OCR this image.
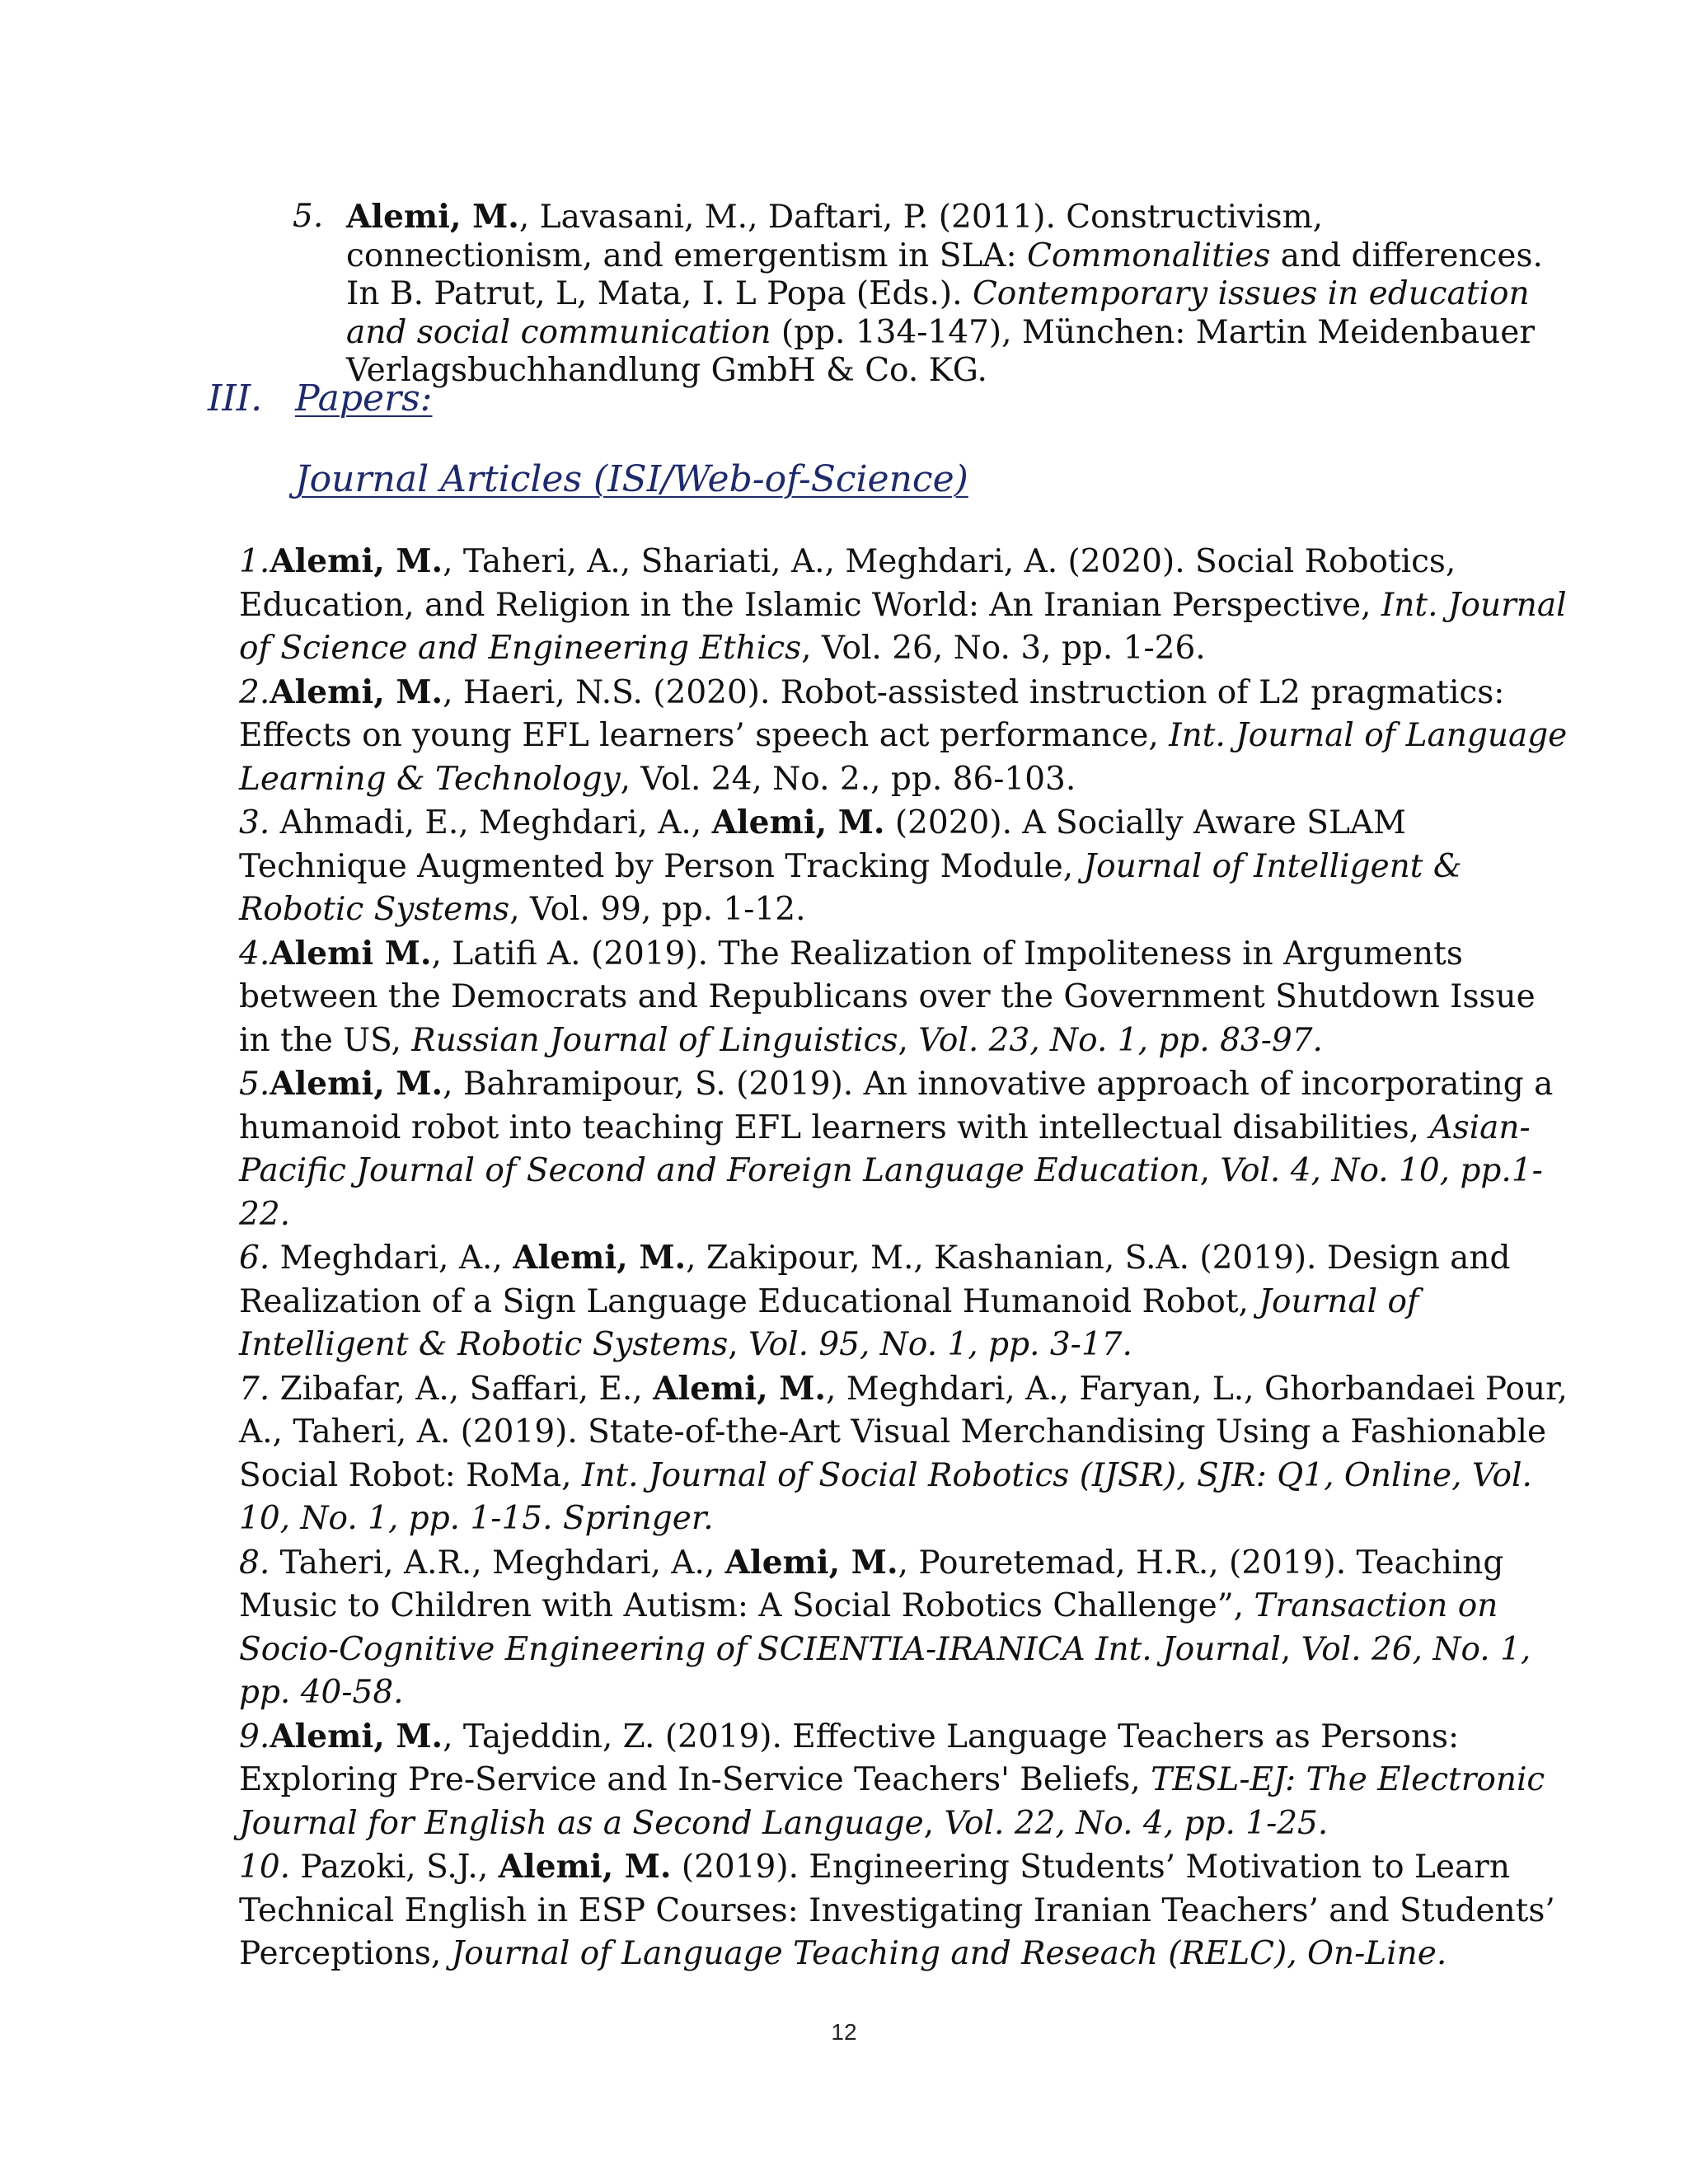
5. Alemi, M., Lavasani, M., Daftari, P. (2011). Constructivism, connectionism, and emergentism in SLA: Commonalities and differences. In B. Patrut, L, Mata, I. L Popa (Eds.). Contemporary issues in education and social communication (pp. 134-147), München: Martin Meidenbauer Verlagsbuchhandlung GmbH & Co. KG.
III. Papers:
Journal Articles (ISI/Web-of-Science)

1.Alemi, M., Taheri, A., Shariati, A., Meghdari, A. (2020). Social Robotics, Education, and Religion in the Islamic World: An Iranian Perspective, Int. Journal of Science and Engineering Ethics, Vol. 26, No. 3, pp. 1-26.

2.Alemi, M., Haeri, N.S. (2020). Robot-assisted instruction of L2 pragmatics: Effects on young EFL learners’ speech act performance, Int. Journal of Language Learning & Technology, Vol. 24, No. 2., pp. 86-103.

3. Ahmadi, E., Meghdari, A., Alemi, M. (2020). A Socially Aware SLAM Technique Augmented by Person Tracking Module, Journal of Intelligent & Robotic Systems, Vol. 99, pp. 1-12.

4.Alemi M., Latifi A. (2019). The Realization of Impoliteness in Arguments between the Democrats and Republicans over the Government Shutdown Issue in the US, Russian Journal of Linguistics, Vol. 23, No. 1, pp. 83-97.

5.Alemi, M., Bahramipour, S. (2019). An innovative approach of incorporating a humanoid robot into teaching EFL learners with intellectual disabilities, Asian-Pacific Journal of Second and Foreign Language Education, Vol. 4, No. 10, pp.1-22.

6. Meghdari, A., Alemi, M., Zakipour, M., Kashanian, S.A. (2019). Design and Realization of a Sign Language Educational Humanoid Robot, Journal of Intelligent & Robotic Systems, Vol. 95, No. 1, pp. 3-17.

7. Zibafar, A., Saffari, E., Alemi, M., Meghdari, A., Faryan, L., Ghorbandaei Pour, A., Taheri, A. (2019). State-of-the-Art Visual Merchandising Using a Fashionable Social Robot: RoMa, Int. Journal of Social Robotics (IJSR), SJR: Q1, Online, Vol. 10, No. 1, pp. 1-15. Springer.

8. Taheri, A.R., Meghdari, A., Alemi, M., Pouretemad, H.R., (2019). Teaching Music to Children with Autism: A Social Robotics Challenge”, Transaction on Socio-Cognitive Engineering of SCIENTIA-IRANICA Int. Journal, Vol. 26, No. 1, pp. 40-58.

9.Alemi, M., Tajeddin, Z. (2019). Effective Language Teachers as Persons: Exploring Pre-Service and In-Service Teachers' Beliefs, TESL-EJ: The Electronic Journal for English as a Second Language, Vol. 22, No. 4, pp. 1-25.

10. Pazoki, S.J., Alemi, M. (2019). Engineering Students’ Motivation to Learn Technical English in ESP Courses: Investigating Iranian Teachers’ and Students’ Perceptions, Journal of Language Teaching and Reseach (RELC), On-Line.

12
